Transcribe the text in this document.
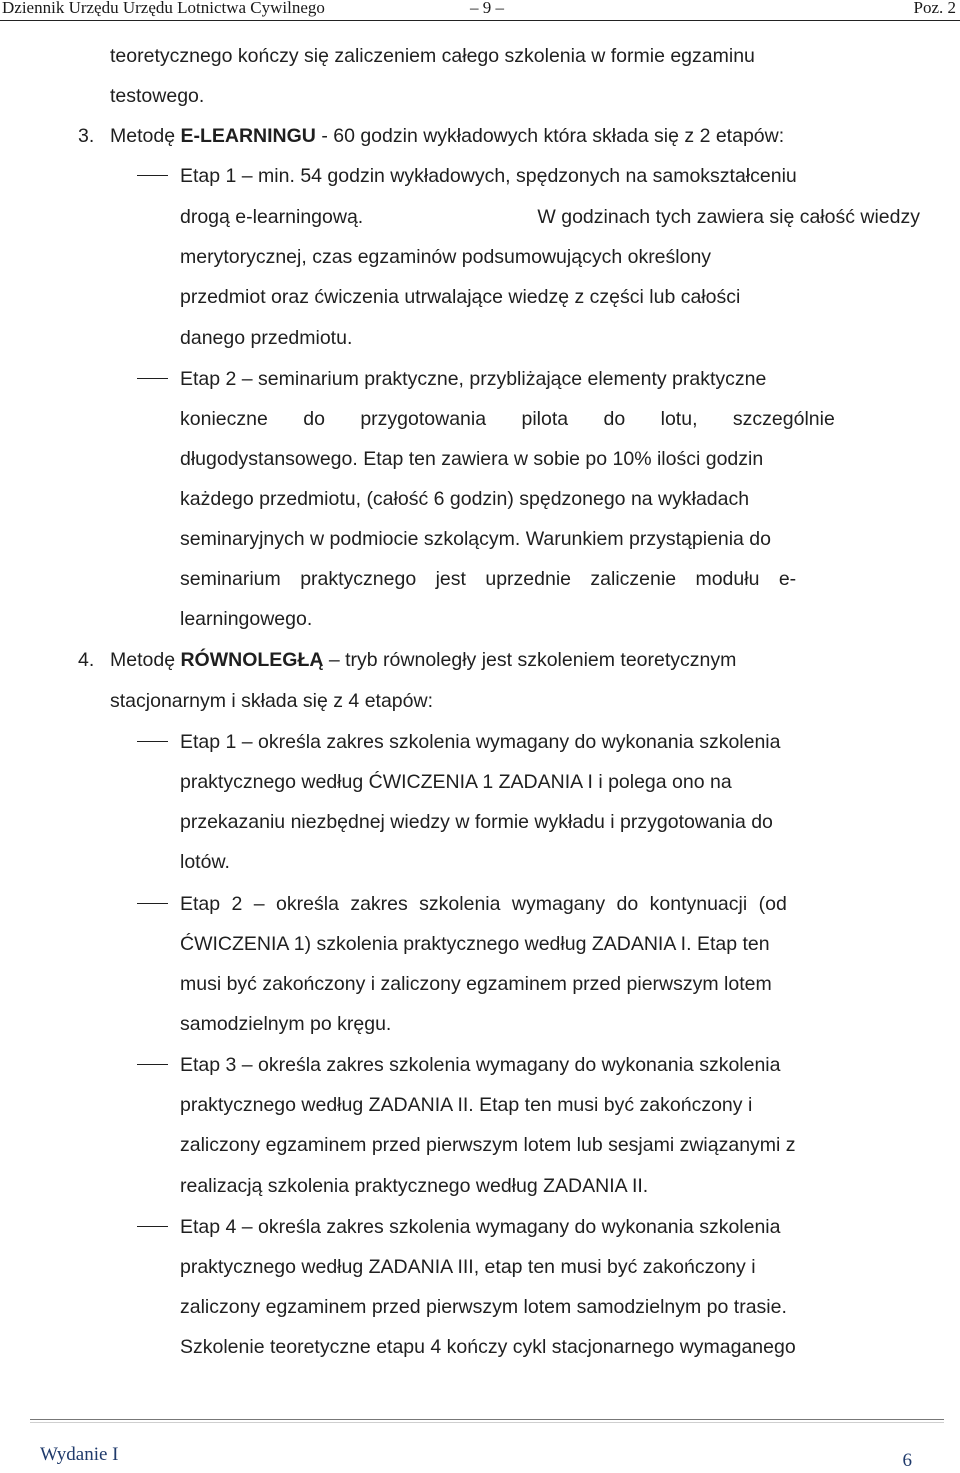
Dziennik Urzędu Urzędu Lotnictwa Cywilnego	– 9 –	Poz. 2
teoretycznego kończy się zaliczeniem całego szkolenia w formie egzaminu
testowego.
3. Metodę E-LEARNINGU - 60 godzin wykładowych która składa się z 2 etapów:
Etap 1 – min. 54 godzin wykładowych, spędzonych na samokształceniu
drogą e-learningową.	W godzinach tych zawiera się całość wiedzy
merytorycznej, czas egzaminów podsumowujących określony
przedmiot oraz ćwiczenia utrwalające wiedzę z części lub całości
danego przedmiotu.
Etap 2 – seminarium praktyczne, przybliżające elementy praktyczne
konieczne do przygotowania pilota do lotu, szczególnie
długodystansowego. Etap ten zawiera w sobie po 10% ilości godzin
każdego przedmiotu, (całość 6 godzin) spędzonego na wykładach
seminaryjnych w podmiocie szkolącym. Warunkiem przystąpienia do
seminarium praktycznego jest uprzednie zaliczenie modułu e-
learningowego.
4. Metodę RÓWNOLEGŁĄ – tryb równoległy jest szkoleniem teoretycznym
stacjonarnym i składa się z 4 etapów:
Etap 1 – określa zakres szkolenia wymagany do wykonania szkolenia
praktycznego według ĆWICZENIA 1 ZADANIA I i polega ono na
przekazaniu niezbędnej wiedzy w formie wykładu i przygotowania do
lotów.
Etap 2 – określa zakres szkolenia wymagany do kontynuacji (od
ĆWICZENIA 1) szkolenia praktycznego według ZADANIA I. Etap ten
musi być zakończony i zaliczony egzaminem przed pierwszym lotem
samodzielnym po kręgu.
Etap 3 – określa zakres szkolenia wymagany do wykonania szkolenia
praktycznego według ZADANIA II. Etap ten musi być zakończony i
zaliczony egzaminem przed pierwszym lotem lub sesjami związanymi z
realizacją szkolenia praktycznego według ZADANIA II.
Etap 4 – określa zakres szkolenia wymagany do wykonania szkolenia
praktycznego według ZADANIA III, etap ten musi być zakończony i
zaliczony egzaminem przed pierwszym lotem samodzielnym po trasie.
Szkolenie teoretyczne etapu 4 kończy cykl stacjonarnego wymaganego
Wydanie I	6
